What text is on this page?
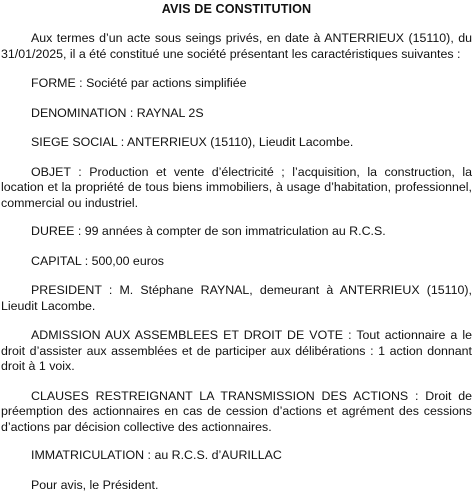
AVIS DE CONSTITUTION

Aux termes d’un acte sous seings privés, en date à ANTERRIEUX (15110), du 31/01/2025, il a été constitué une société présentant les caractéristiques suivantes :

FORME : Société par actions simplifiée

DENOMINATION : RAYNAL 2S

SIEGE SOCIAL : ANTERRIEUX (15110), Lieudit Lacombe.

OBJET : Production et vente d’électricité ; l’acquisition, la construction, la location et la propriété de tous biens immobiliers, à usage d’habitation, professionnel, commercial ou industriel.

DUREE : 99 années à compter de son immatriculation au R.C.S.

CAPITAL : 500,00 euros

PRESIDENT : M. Stéphane RAYNAL, demeurant à ANTERRIEUX (15110), Lieudit Lacombe.

ADMISSION AUX ASSEMBLEES ET DROIT DE VOTE : Tout actionnaire a le droit d’assister aux assemblées et de participer aux délibérations : 1 action donnant droit à 1 voix.

CLAUSES RESTREIGNANT LA TRANSMISSION DES ACTIONS : Droit de préemption des actionnaires en cas de cession d’actions et agrément des cessions d’actions par décision collective des actionnaires.

IMMATRICULATION : au R.C.S. d’AURILLAC

Pour avis, le Président.
